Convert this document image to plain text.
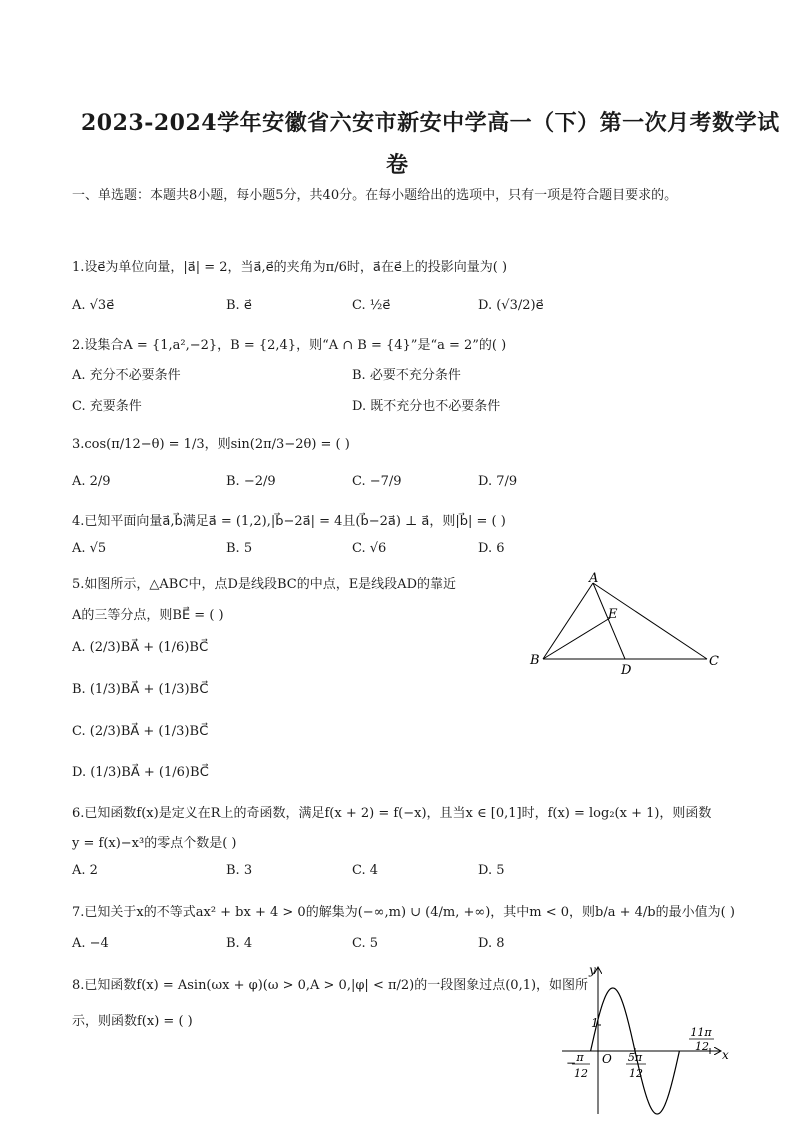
2023-2024学年安徽省六安市新安中学高一（下）第一次月考数学试
卷
一、单选题：本题共8小题，每小题5分，共40分。在每小题给出的选项中，只有一项是符合题目要求的。
1.设e⃗为单位向量，|a⃗| = 2，当a⃗,e⃗的夹角为π/6时，a⃗在e⃗上的投影向量为( )
A. √3e⃗	B. e⃗	C. ½e⃗	D. (√3/2)e⃗
2.设集合A = {1,a²,−2}，B = {2,4}，则“A ∩ B = {4}”是“a = 2”的( )
A. 充分不必要条件	B. 必要不充分条件
C. 充要条件	D. 既不充分也不必要条件
3.cos(π/12−θ) = 1/3，则sin(2π/3−2θ) = ( )
A. 2/9	B. −2/9	C. −7/9	D. 7/9
4.已知平面向量a⃗,b⃗满足a⃗ = (1,2),|b⃗−2a⃗| = 4且(b⃗−2a⃗) ⊥ a⃗，则|b⃗| = ( )
A. √5	B. 5	C. √6	D. 6
5.如图所示，△ABC中，点D是线段BC的中点，E是线段AD的靠近
A的三等分点，则BE⃗ = ( )
A. (2/3)BA⃗ + (1/6)BC⃗
B. (1/3)BA⃗ + (1/3)BC⃗
C. (2/3)BA⃗ + (1/3)BC⃗
D. (1/3)BA⃗ + (1/6)BC⃗
A
B	C
D
E
6.已知函数f(x)是定义在R上的奇函数，满足f(x + 2) = f(−x)，且当x ∈ [0,1]时，f(x) = log₂(x + 1)，则函数
y = f(x)−x³的零点个数是( )
A. 2	B. 3	C. 4	D. 5
7.已知关于x的不等式ax² + bx + 4 > 0的解集为(−∞,m) ∪ (4/m, +∞)，其中m < 0，则b/a + 4/b的最小值为( )
A. −4	B. 4	C. 5	D. 8
8.已知函数f(x) = Asin(ωx + φ)(ω > 0,A > 0,|φ| < π/2)的一段图象过点(0,1)，如图所
示，则函数f(x) = ( )
x
y
O
1
− π
12
5π
12
11π
12
